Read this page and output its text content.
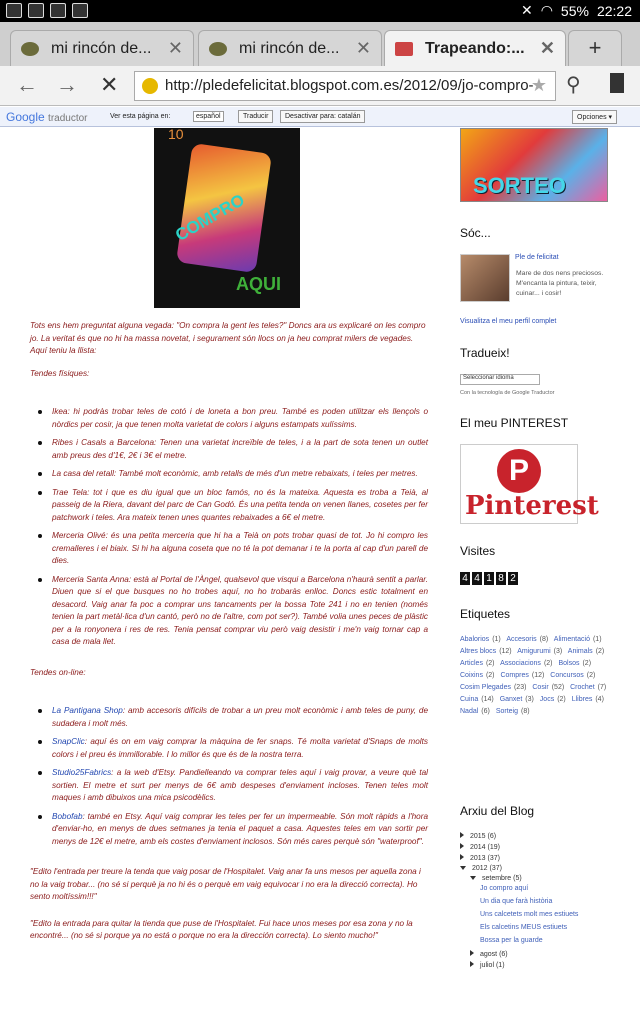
✕ ◠ 55% 22:22
mi rincón de... ✕	mi rincón de... ✕	Trapeando:... ✕	+
← → ✕	http://pledefelicitat.blogspot.com.es/2012/09/jo-compro-
★ ⚲
Google traductor	Ver esta página en:	español	Traducir	Desactivar para: catalán	Opciones ▾
10
COMPRO
AQUI

Tots ens hem preguntat alguna vegada: "On compra la gent les teles?" Doncs ara us explicaré on les compro jo. La veritat és que no hi ha massa novetat, i segurament són llocs on ja heu comprat milers de vegades. Aquí teniu la llista:

Tendes físiques:
Ikea: hi podràs trobar teles de cotó i de loneta a bon preu. També es poden utilitzar els llençols o nòrdics per cosir, ja que tenen molta varietat de colors i alguns estampats xulíssims.
Ribes i Casals a Barcelona: Tenen una varietat increïble de teles, i a la part de sota tenen un outlet amb preus des d'1€, 2€ i 3€ el metre.
La casa del retall: També molt econòmic, amb retalls de més d'un metre rebaixats, i teles per metres.
Trae Tela: tot i que es diu igual que un bloc famós, no és la mateixa. Aquesta es troba a Teià, al passeig de la Riera, davant del parc de Can Godó. És una petita tenda on venen llanes, cosetes per fer patchwork i teles. Ara mateix tenen unes quantes rebaixades a 6€ el metre.
Merceria Olivé: és una petita merceria que hi ha a Teià on pots trobar quasi de tot. Jo hi compro les cremalleres i el biaix. Si hi ha alguna coseta que no té la pot demanar i te la porta al cap d'un parell de dies.
Merceria Santa Anna: està al Portal de l'Àngel, qualsevol que visqui a Barcelona n'haurà sentit a parlar. Diuen que si el que busques no ho trobes aquí, no ho trobaràs enlloc. Doncs estic totalment en desacord. Vaig anar fa poc a comprar uns tancaments per la bossa Tote 241 i no en tenien (només tenien la part metàl·lica d'un cantó, però no de l'altre, com pot ser?). També volia unes peces de plàstic per a la ronyonera i res de res. Tenia pensat comprar viu però vaig desistir i me'n vaig tornar cap a casa de mala llet.
Tendes on-line:
La Pantigana Shop: amb accesoris difícils de trobar a un preu molt econòmic i amb teles de puny, de sudadera i molt més.
SnapClic: aquí és on em vaig comprar la màquina de fer snaps. Té molta varietat d'Snaps de molts colors i el preu és immillorable. I lo millor és que és de la nostra terra.
Studio25Fabrics: a la web d'Etsy. Pandielleando va comprar teles aquí i vaig provar, a veure què tal sortien. El metre et surt per menys de 6€ amb despeses d'enviament incloses. Tenen teles molt maques i amb dibuixos una mica psicodèlics.
Bobofab: també en Etsy. Aquí vaig comprar les teles per fer un impermeable. Són molt ràpids a l'hora d'enviar-ho, en menys de dues setmanes ja tenia el paquet a casa. Aquestes teles em van sortir per menys de 12€ el metre, amb els costes d'enviament inclosos. Són més cares perquè són "waterproof".

"Edito l'entrada per treure la tenda que vaig posar de l'Hospitalet. Vaig anar fa uns mesos per aquella zona i no la vaig trobar... (no sé si perquè ja no hi és o perquè em vaig equivocar i no era la direcció correcta). Ho sento moltíssim!!!"

"Edito la entrada para quitar la tienda que puse de l'Hospitalet. Fui hace unos meses por esa zona y no la encontré... (no sé si porque ya no está o porque no era la dirección correcta). Lo siento mucho!"

SORTEO
Sóc...
Ple de felicitat
Mare de dos nens preciosos. M'encanta la pintura, teixir, cuinar... i cosir!
Visualitza el meu perfil complet
Tradueix!
Seleccionar idioma
Con la tecnología de Google Traductor
El meu PINTEREST
P
Pinterest
Visites
4 4 1 8 2
Etiquetes
Abalorios (1) Accesoris (8) Alimentació (1) Altres blocs (12) Amigurumi (3) Animals (2) Articles (2) Associacions (2) Bolsos (2) Coixins (2) Compres (12) Concursos (2) Cosim Plegades (23) Cosir (52) Crochet (7) Cuina (14) Ganxet (3) Jocs (2) Llibres (4) Nadal (6) Sorteig (8)
Arxiu del Blog
2015 (6)
2014 (19)
2013 (37)
2012 (37)
setembre (5)
Jo compro aquí
Un dia que farà història
Uns calcetets molt mes estiuets
Els calcetins MEUS estiuets
Bossa per la guarde
agost (6)
juliol (1)
